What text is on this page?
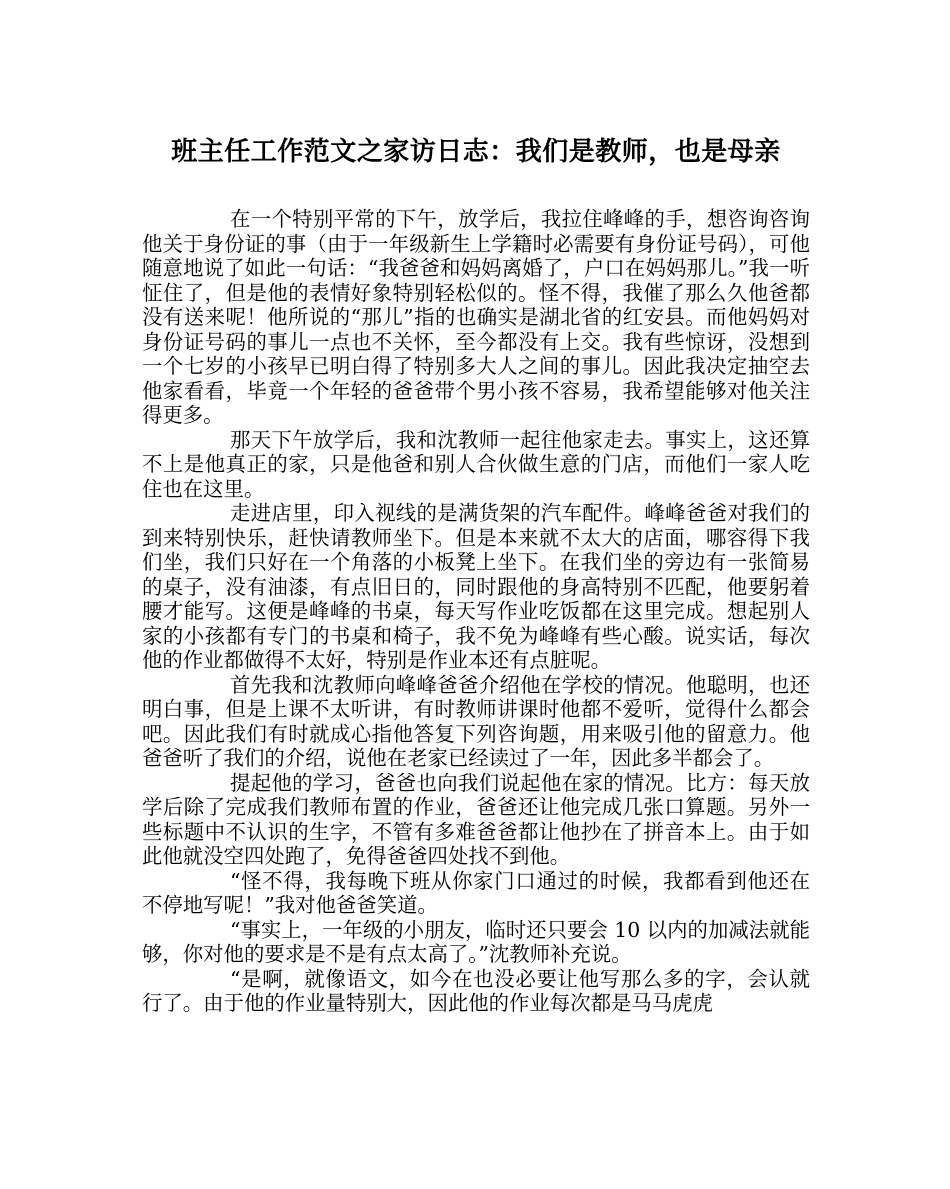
班主任工作范文之家访日志：我们是教师，也是母亲

在一个特别平常的下午，放学后，我拉住峰峰的手，想咨询咨询他关于身份证的事（由于一年级新生上学籍时必需要有身份证号码），可他随意地说了如此一句话：“我爸爸和妈妈离婚了，户口在妈妈那儿。”我一听怔住了，但是他的表情好象特别轻松似的。怪不得，我催了那么久他爸都没有送来呢！他所说的“那儿”指的也确实是湖北省的红安县。而他妈妈对身份证号码的事儿一点也不关怀，至今都没有上交。我有些惊讶，没想到一个七岁的小孩早已明白得了特别多大人之间的事儿。因此我决定抽空去他家看看，毕竟一个年轻的爸爸带个男小孩不容易，我希望能够对他关注得更多。

那天下午放学后，我和沈教师一起往他家走去。事实上，这还算不上是他真正的家，只是他爸和别人合伙做生意的门店，而他们一家人吃住也在这里。

走进店里，印入视线的是满货架的汽车配件。峰峰爸爸对我们的到来特别快乐，赶快请教师坐下。但是本来就不太大的店面，哪容得下我们坐，我们只好在一个角落的小板凳上坐下。在我们坐的旁边有一张简易的桌子，没有油漆，有点旧日的，同时跟他的身高特别不匹配，他要躬着腰才能写。这便是峰峰的书桌，每天写作业吃饭都在这里完成。想起别人家的小孩都有专门的书桌和椅子，我不免为峰峰有些心酸。说实话，每次他的作业都做得不太好，特别是作业本还有点脏呢。

首先我和沈教师向峰峰爸爸介绍他在学校的情况。他聪明，也还明白事，但是上课不太听讲，有时教师讲课时他都不爱听，觉得什么都会吧。因此我们有时就成心指他答复下列咨询题，用来吸引他的留意力。他爸爸听了我们的介绍，说他在老家已经读过了一年，因此多半都会了。

提起他的学习，爸爸也向我们说起他在家的情况。比方：每天放学后除了完成我们教师布置的作业，爸爸还让他完成几张口算题。另外一些标题中不认识的生字，不管有多难爸爸都让他抄在了拼音本上。由于如此他就没空四处跑了，免得爸爸四处找不到他。

“怪不得，我每晚下班从你家门口通过的时候，我都看到他还在不停地写呢！”我对他爸爸笑道。

“事实上，一年级的小朋友，临时还只要会 10 以内的加减法就能够，你对他的要求是不是有点太高了。”沈教师补充说。

“是啊，就像语文，如今在也没必要让他写那么多的字，会认就行了。由于他的作业量特别大，因此他的作业每次都是马马虎虎
